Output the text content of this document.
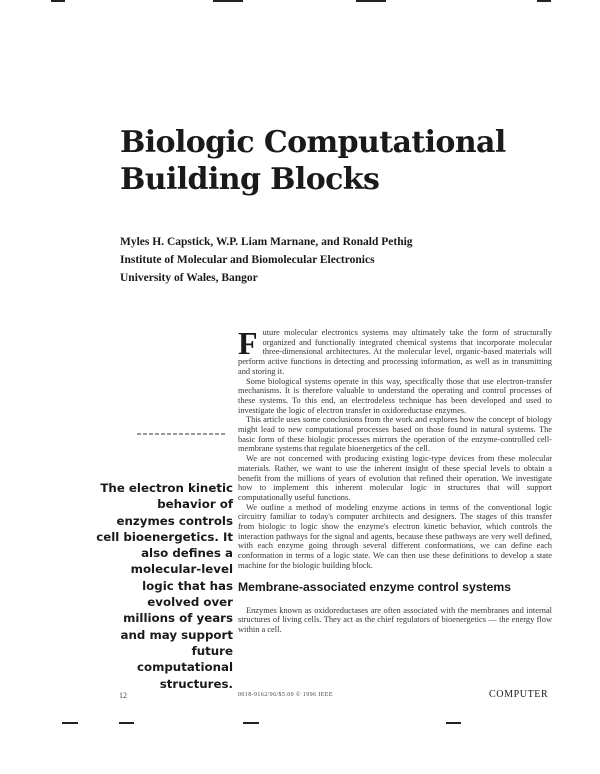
Biologic Computational
Building Blocks
Myles H. Capstick, W.P. Liam Marnane, and Ronald Pethig
Institute of Molecular and Biomolecular Electronics
University of Wales, Bangor

Future molecular electronics systems may ultimately take the form of structurally organized and functionally integrated chemical systems that incorporate molecular three-dimensional architectures. At the molecular level, organic-based materials will perform active functions in detecting and processing information, as well as in transmitting and storing it.

Some biological systems operate in this way, specifically those that use electron-transfer mechanisms. It is therefore valuable to understand the operating and control processes of these systems. To this end, an electrodeless technique has been developed and used to investigate the logic of electron transfer in oxidoreductase enzymes.

This article uses some conclusions from the work and explores how the concept of biology might lead to new computational processes based on those found in natural systems. The basic form of these biologic processes mirrors the operation of the enzyme-controlled cell-membrane systems that regulate bioenergetics of the cell.

We are not concerned with producing existing logic-type devices from these molecular materials. Rather, we want to use the inherent insight of these special levels to obtain a benefit from the millions of years of evolution that refined their operation. We investigate how to implement this inherent molecular logic in structures that will support computationally useful functions.

We outline a method of modeling enzyme actions in terms of the conventional logic circuitry familiar to today's computer architects and designers. The stages of this transfer from biologic to logic show the enzyme's electron kinetic behavior, which controls the interaction pathways for the signal and agents, because these pathways are very well defined, with each enzyme going through several different conformations, we can define each conformation in terms of a logic state. We can then use these definitions to develop a state machine for the biologic building block.

Membrane-associated enzyme control systems

Enzymes known as oxidoreductases are often associated with the membranes and internal structures of living cells. They act as the chief regulators of bioenergetics — the energy flow within a cell.

The electron kinetic behavior of enzymes controls cell bioenergetics. It also defines a molecular-level logic that has evolved over millions of years and may support future computational structures.

12	0018-9162/96/$5.00 © 1996 IEEE	COMPUTER
